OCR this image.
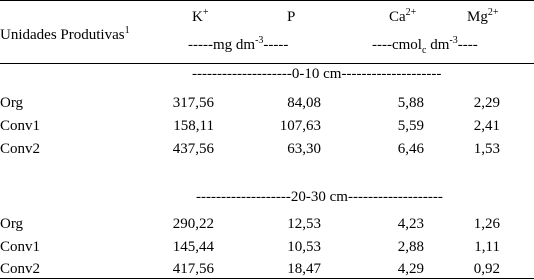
Unidades Produtivas$^1$
K+	P	$Ca^{2+}$	$Mg^{2+}$
-----mg $dm^{-3}-----$	----cmol$_c$ $dm^{-3}----$
--------------------0-10 cm--------------------
Org	317,56	84,08	5,88	2,29
Conv1	158,11	107,63	5,59	2,41
Conv2	437,56	63,30	6,46	1,53
-------------------20-30 cm-------------------
Org	290,22	12,53	4,23	1,26
Conv1	145,44	10,53	2,88	1,11
Conv2	417,56	18,47	4,29	0,92
